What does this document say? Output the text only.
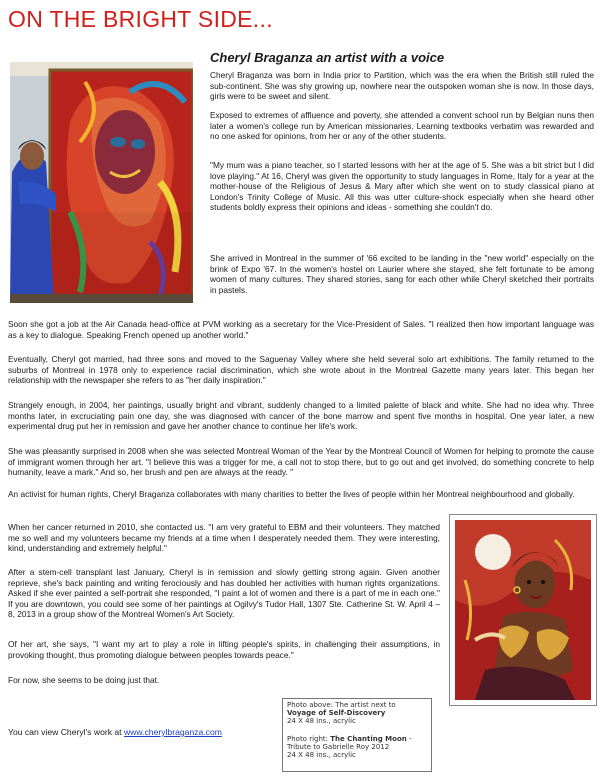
ON THE BRIGHT SIDE...
Cheryl Braganza an artist with a voice

Cheryl Braganza was born in India prior to Partition, which was the era when the British still ruled the sub-continent. She was shy growing up, nowhere near the outspoken woman she is now. In those days, girls were to be sweet and silent.

Exposed to extremes of affluence and poverty, she attended a convent school run by Belgian nuns then later a women's college run by American missionaries. Learning textbooks verbatim was rewarded and no one asked for opinions, from her or any of the other students.

"My mum was a piano teacher, so I started lessons with her at the age of 5. She was a bit strict but I did love playing." At 16, Cheryl was given the opportunity to study languages in Rome, Italy for a year at the mother-house of the Religious of Jesus & Mary after which she went on to study classical piano at London's Trinity College of Music. All this was utter culture-shock especially when she heard other students boldly express their opinions and ideas - something she couldn't do.

She arrived in Montreal in the summer of '66 excited to be landing in the "new world" especially on the brink of Expo '67. In the women's hostel on Laurier where she stayed, she felt fortunate to be among women of many cultures. They shared stories, sang for each other while Cheryl sketched their portraits in pastels.

Soon she got a job at the Air Canada head-office at PVM working as a secretary for the Vice-President of Sales. "I realized then how important language was as a key to dialogue. Speaking French opened up another world."

Eventually, Cheryl got married, had three sons and moved to the Saguenay Valley where she held several solo art exhibitions. The family returned to the suburbs of Montreal in 1978 only to experience racial discrimination, which she wrote about in the Montreal Gazette many years later. This began her relationship with the newspaper she refers to as "her daily inspiration."

Strangely enough, in 2004, her paintings, usually bright and vibrant, suddenly changed to a limited palette of black and white. She had no idea why. Three months later, in excruciating pain one day, she was diagnosed with cancer of the bone marrow and spent five months in hospital. One year later, a new experimental drug put her in remission and gave her another chance to continue her life's work.

She was pleasantly surprised in 2008 when she was selected Montreal Woman of the Year by the Montreal Council of Women for helping to promote the cause of immigrant women through her art. "I believe this was a trigger for me, a call not to stop there, but to go out and get involved, do something concrete to help humanity, leave a mark." And so, her brush and pen are always at the ready. "

An activist for human rights, Cheryl Braganza collaborates with many charities to better the lives of people within her Montreal neighbourhood and globally.

When her cancer returned in 2010, she contacted us. "I am very grateful to EBM and their volunteers. They matched me so well and my volunteers became my friends at a time when I desperately needed them. They were interesting, kind, understanding and extremely helpful."

After a stem-cell transplant last January, Cheryl is in remission and slowly getting strong again. Given another reprieve, she's back painting and writing ferociously and has doubled her activities with human rights organizations. Asked if she ever painted a self-portrait she responded, "I paint a lot of women and there is a part of me in each one." If you are downtown, you could see some of her paintings at Ogilvy's Tudor Hall, 1307 Ste. Catherine St. W. April 4 – 8, 2013 in a group show of the Montreal Women's Art Society.

Of her art, she says, "I want my art to play a role in lifting people's spirits, in challenging their assumptions, in provoking thought, thus promoting dialogue between peoples towards peace."

For now, she seems to be doing just that.

Photo above: The artist next to
Voyage of Self-Discovery
24 X 48 ins., acrylic
Photo right: The Chanting Moon -
Tribute to Gabrielle Roy 2012
24 X 48 ins., acrylic
You can view Cheryl's work at www.cherylbraganza.com
